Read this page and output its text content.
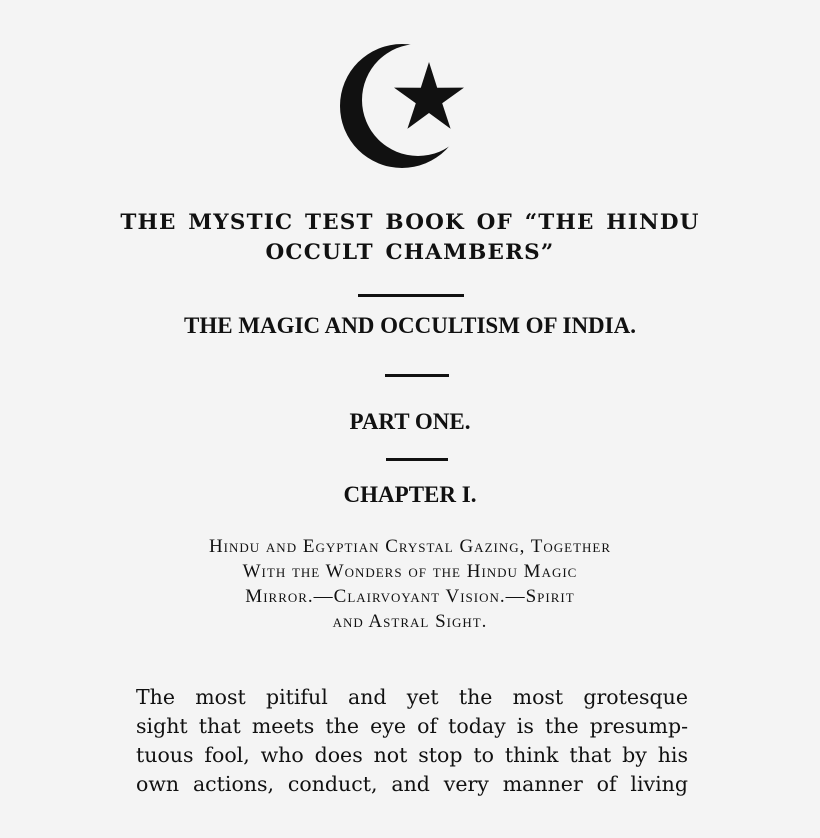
THE MYSTIC TEST BOOK OF “THE HINDU
OCCULT CHAMBERS”
THE MAGIC AND OCCULTISM OF INDIA.
PART ONE.
CHAPTER I.

Hindu and Egyptian Crystal Gazing, Together
With the Wonders of the Hindu Magic
Mirror.—Clairvoyant Vision.—Spirit
and Astral Sight.

The most pitiful and yet the most grotesque
sight that meets the eye of today is the presump-
tuous fool, who does not stop to think that by his
own actions, conduct, and very manner of living
